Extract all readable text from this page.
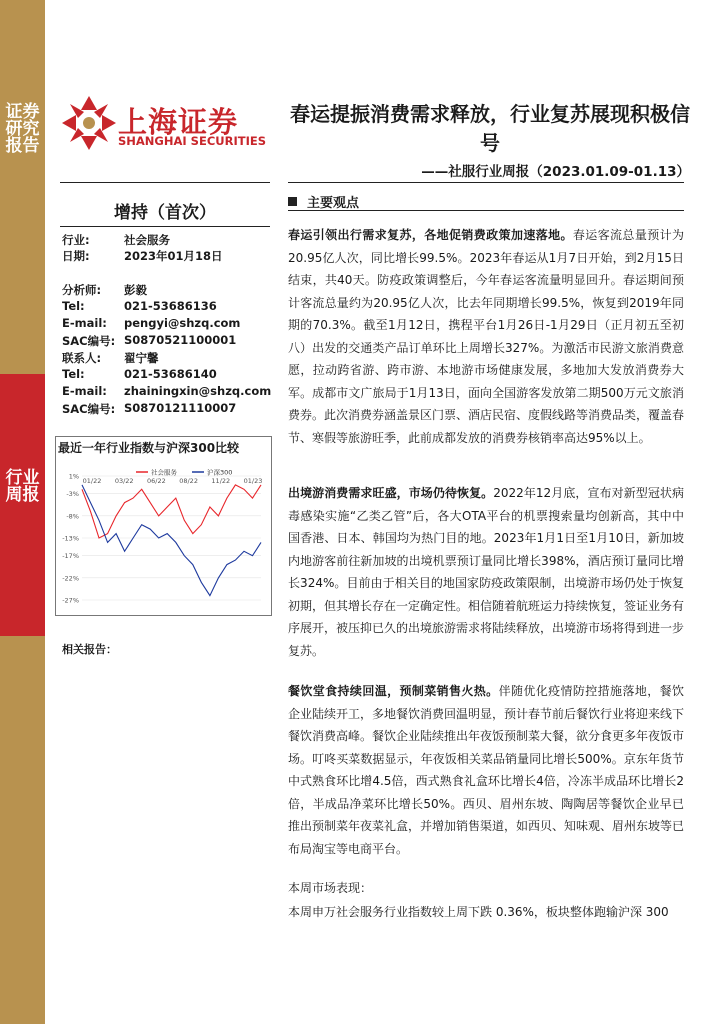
证券研究报告
行业周报
上海证券
SHANGHAI SECURITIES
春运提振消费需求释放，行业复苏展现积极信号
——社服行业周报（2023.01.09-01.13）
增持（首次）
行业:	社会服务
日期:	2023年01月18日
分析师: 彭毅
Tel:	021-53686136
E-mail: pengyi@shzq.com
SAC编号: S0870521100001
联系人: 翟宁馨
Tel:	021-53686140
E-mail: zhainingxin@shzq.com
SAC编号: S0870121110007
最近一年行业指数与沪深300比较
1%
-3%
-8%
-13%
-17%
-22%
-27%
01/22 03/22 06/22 08/22 11/22 01/23
社会服务	沪深300
相关报告：
主要观点
春运引领出行需求复苏，各地促销费政策加速落地。春运客流总量预计为20.95亿人次，同比增长99.5%。2023年春运从1月7日开始，到2月15日结束，共40天。防疫政策调整后，今年春运客流量明显回升。春运期间预计客流总量约为20.95亿人次，比去年同期增长99.5%，恢复到2019年同期的70.3%。截至1月12日，携程平台1月26日-1月29日（正月初五至初八）出发的交通类产品订单环比上周增长327%。为激活市民游文旅消费意愿，拉动跨省游、跨市游、本地游市场健康发展，多地加大发放消费券大军。成都市文广旅局于1月13日，面向全国游客发放第二期500万元文旅消费券。此次消费券涵盖景区门票、酒店民宿、度假线路等消费品类，覆盖春节、寒假等旅游旺季，此前成都发放的消费券核销率高达95%以上。
出境游消费需求旺盛，市场仍待恢复。2022年12月底，宣布对新型冠状病毒感染实施“乙类乙管”后，各大OTA平台的机票搜索量均创新高，其中中国香港、日本、韩国均为热门目的地。2023年1月1日至1月10日，新加坡内地游客前往新加坡的出境机票预订量同比增长398%，酒店预订量同比增长324%。目前由于相关目的地国家防疫政策限制，出境游市场仍处于恢复初期，但其增长存在一定确定性。相信随着航班运力持续恢复，签证业务有序展开，被压抑已久的出境旅游需求将陆续释放，出境游市场将得到进一步复苏。
餐饮堂食持续回温，预制菜销售火热。伴随优化疫情防控措施落地，餐饮企业陆续开工，多地餐饮消费回温明显，预计春节前后餐饮行业将迎来线下餐饮消费高峰。餐饮企业陆续推出年夜饭预制菜大餐，欲分食更多年夜饭市场。叮咚买菜数据显示，年夜饭相关菜品销量同比增长500%。京东年货节中式熟食环比增4.5倍，西式熟食礼盒环比增长4倍，冷冻半成品环比增长2倍，半成品净菜环比增长50%。西贝、眉州东坡、陶陶居等餐饮企业早已推出预制菜年夜菜礼盒，并增加销售渠道，如西贝、知味观、眉州东坡等已布局淘宝等电商平台。
本周市场表现：
本周申万社会服务行业指数较上周下跌 0.36%，板块整体跑输沪深 300
